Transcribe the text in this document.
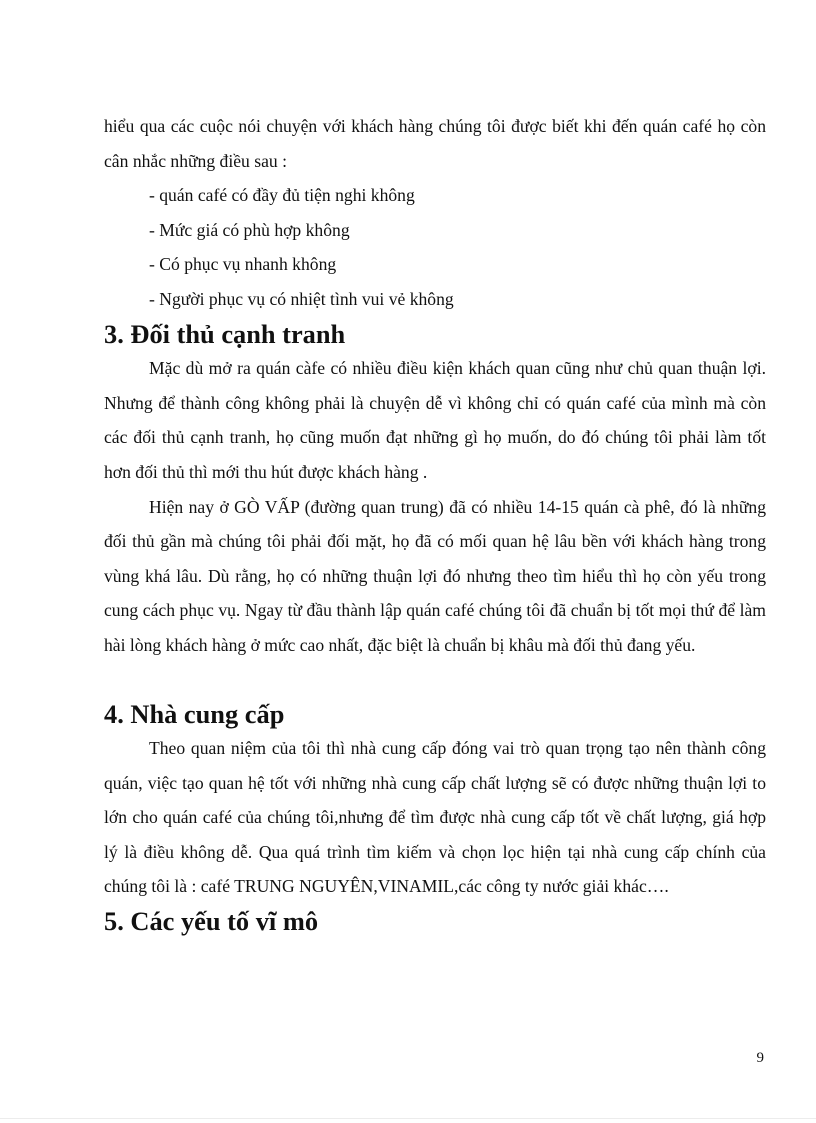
hiểu qua các cuộc nói chuyện với khách hàng chúng tôi được biết khi đến quán café họ còn cân nhắc những điều sau :

- quán café có đầy đủ tiện nghi không

- Mức giá có phù hợp không

- Có phục vụ nhanh không

- Người phục vụ có nhiệt tình vui vẻ không

3. Đối thủ cạnh tranh

Mặc dù mở ra quán càfe có nhiều điều kiện khách quan cũng như chủ quan thuận lợi. Nhưng để thành công không phải là chuyện dễ vì không chỉ có quán café của mình mà còn các đối thủ cạnh tranh, họ cũng muốn đạt những gì họ muốn, do đó chúng tôi phải làm tốt hơn đối thủ thì mới thu hút được khách hàng .

Hiện nay ở GÒ VẤP (đường quan trung) đã có nhiều 14-15 quán cà phê, đó là những đối thủ gần mà chúng tôi phải đối mặt, họ đã có mối quan hệ lâu bền với khách hàng trong vùng khá lâu. Dù rằng, họ có những thuận lợi đó nhưng theo tìm hiểu thì họ còn yếu trong cung cách phục vụ. Ngay từ đầu thành lập quán café chúng tôi đã chuẩn bị tốt mọi thứ để làm hài lòng khách hàng ở mức cao nhất, đặc biệt là chuẩn bị khâu mà đối thủ đang yếu.

4. Nhà cung cấp

Theo quan niệm của tôi thì nhà cung cấp đóng vai trò quan trọng tạo nên thành công quán, việc tạo quan hệ tốt với những nhà cung cấp chất lượng sẽ có được những thuận lợi to lớn cho quán café của chúng tôi,nhưng để tìm được nhà cung cấp tốt về chất lượng, giá hợp lý là điều không dễ. Qua quá trình tìm kiếm và chọn lọc hiện tại nhà cung cấp chính của chúng tôi là : café TRUNG NGUYÊN,VINAMIL,các công ty nước giải khác….

5. Các yếu tố vĩ mô
9
